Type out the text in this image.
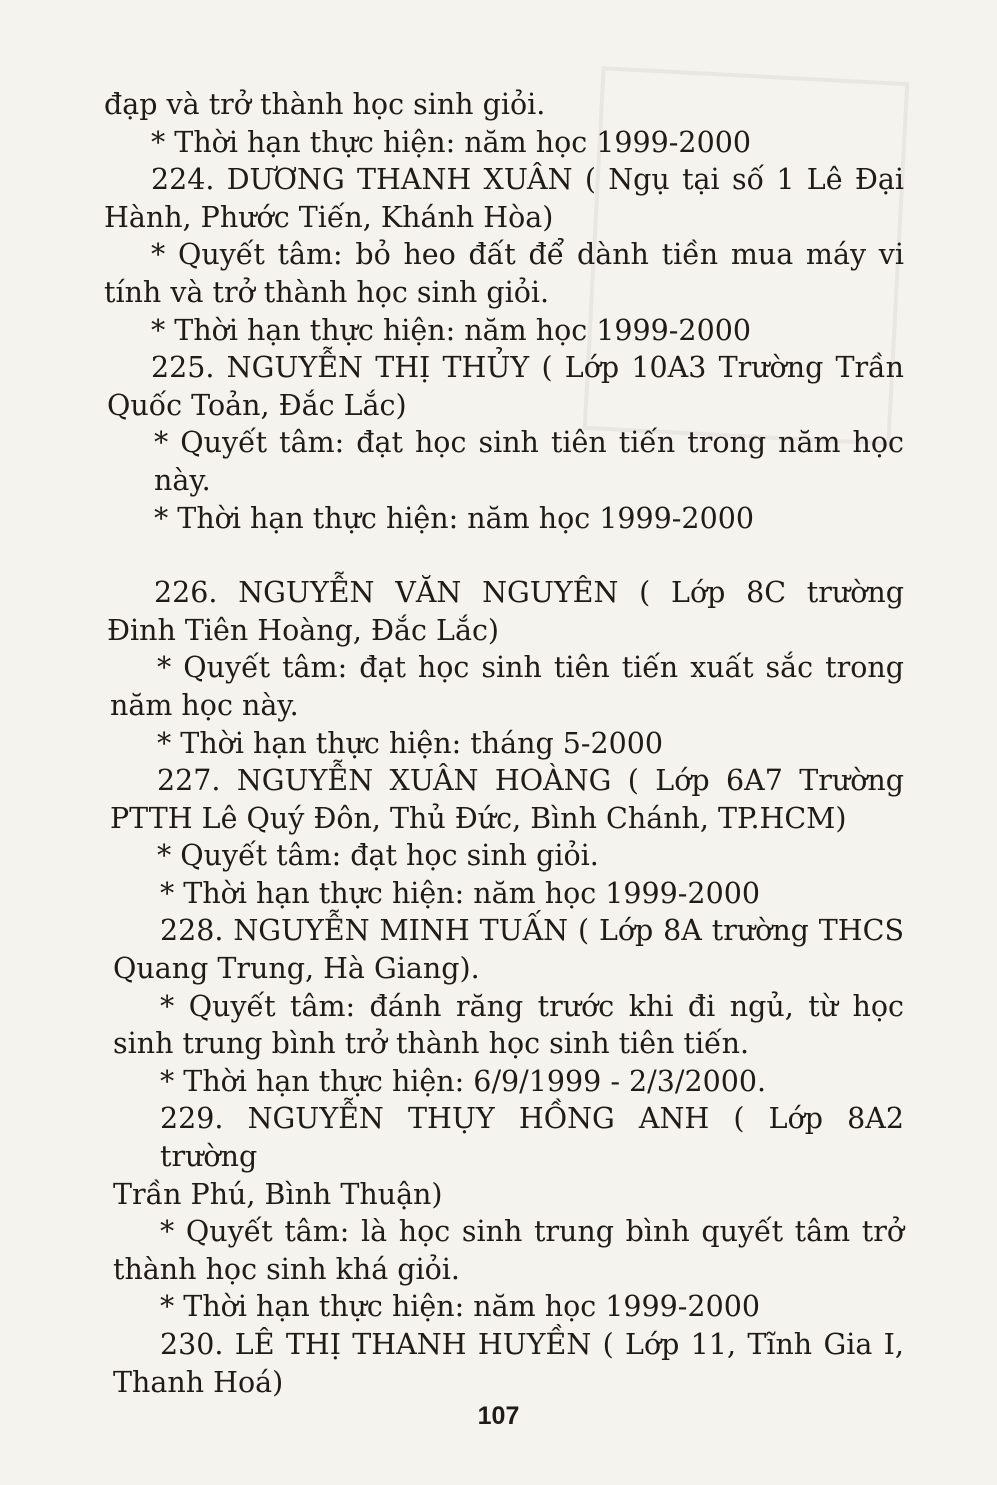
đạp và trở thành học sinh giỏi.
* Thời hạn thực hiện: năm học 1999-2000
224. DƯƠNG THANH XUÂN ( Ngụ tại số 1 Lê Đại
Hành, Phước Tiến, Khánh Hòa)
* Quyết tâm: bỏ heo đất để dành tiền mua máy vi
tính và trở thành học sinh giỏi.
* Thời hạn thực hiện: năm học 1999-2000
225. NGUYỄN THỊ THỦY ( Lớp 10A3 Trường Trần
Quốc Toản, Đắc Lắc)
* Quyết tâm: đạt học sinh tiên tiến trong năm học
này.
* Thời hạn thực hiện: năm học 1999-2000
226. NGUYỄN VĂN NGUYÊN ( Lớp 8C trường
Đinh Tiên Hoàng, Đắc Lắc)
* Quyết tâm: đạt học sinh tiên tiến xuất sắc trong
năm học này.
* Thời hạn thực hiện: tháng 5-2000
227. NGUYỄN XUÂN HOÀNG ( Lớp 6A7 Trường
PTTH Lê Quý Đôn, Thủ Đức, Bình Chánh, TP.HCM)
* Quyết tâm: đạt học sinh giỏi.
* Thời hạn thực hiện: năm học 1999-2000
228. NGUYỄN MINH TUẤN ( Lớp 8A trường THCS
Quang Trung, Hà Giang).
* Quyết tâm: đánh răng trước khi đi ngủ, từ học
sinh trung bình trở thành học sinh tiên tiến.
* Thời hạn thực hiện: 6/9/1999 - 2/3/2000.
229. NGUYỄN THỤY HỒNG ANH ( Lớp 8A2 trường
Trần Phú, Bình Thuận)
* Quyết tâm: là học sinh trung bình quyết tâm trở
thành học sinh khá giỏi.
* Thời hạn thực hiện: năm học 1999-2000
230. LÊ THỊ THANH HUYỀN ( Lớp 11, Tĩnh Gia I,
Thanh Hoá)
107
